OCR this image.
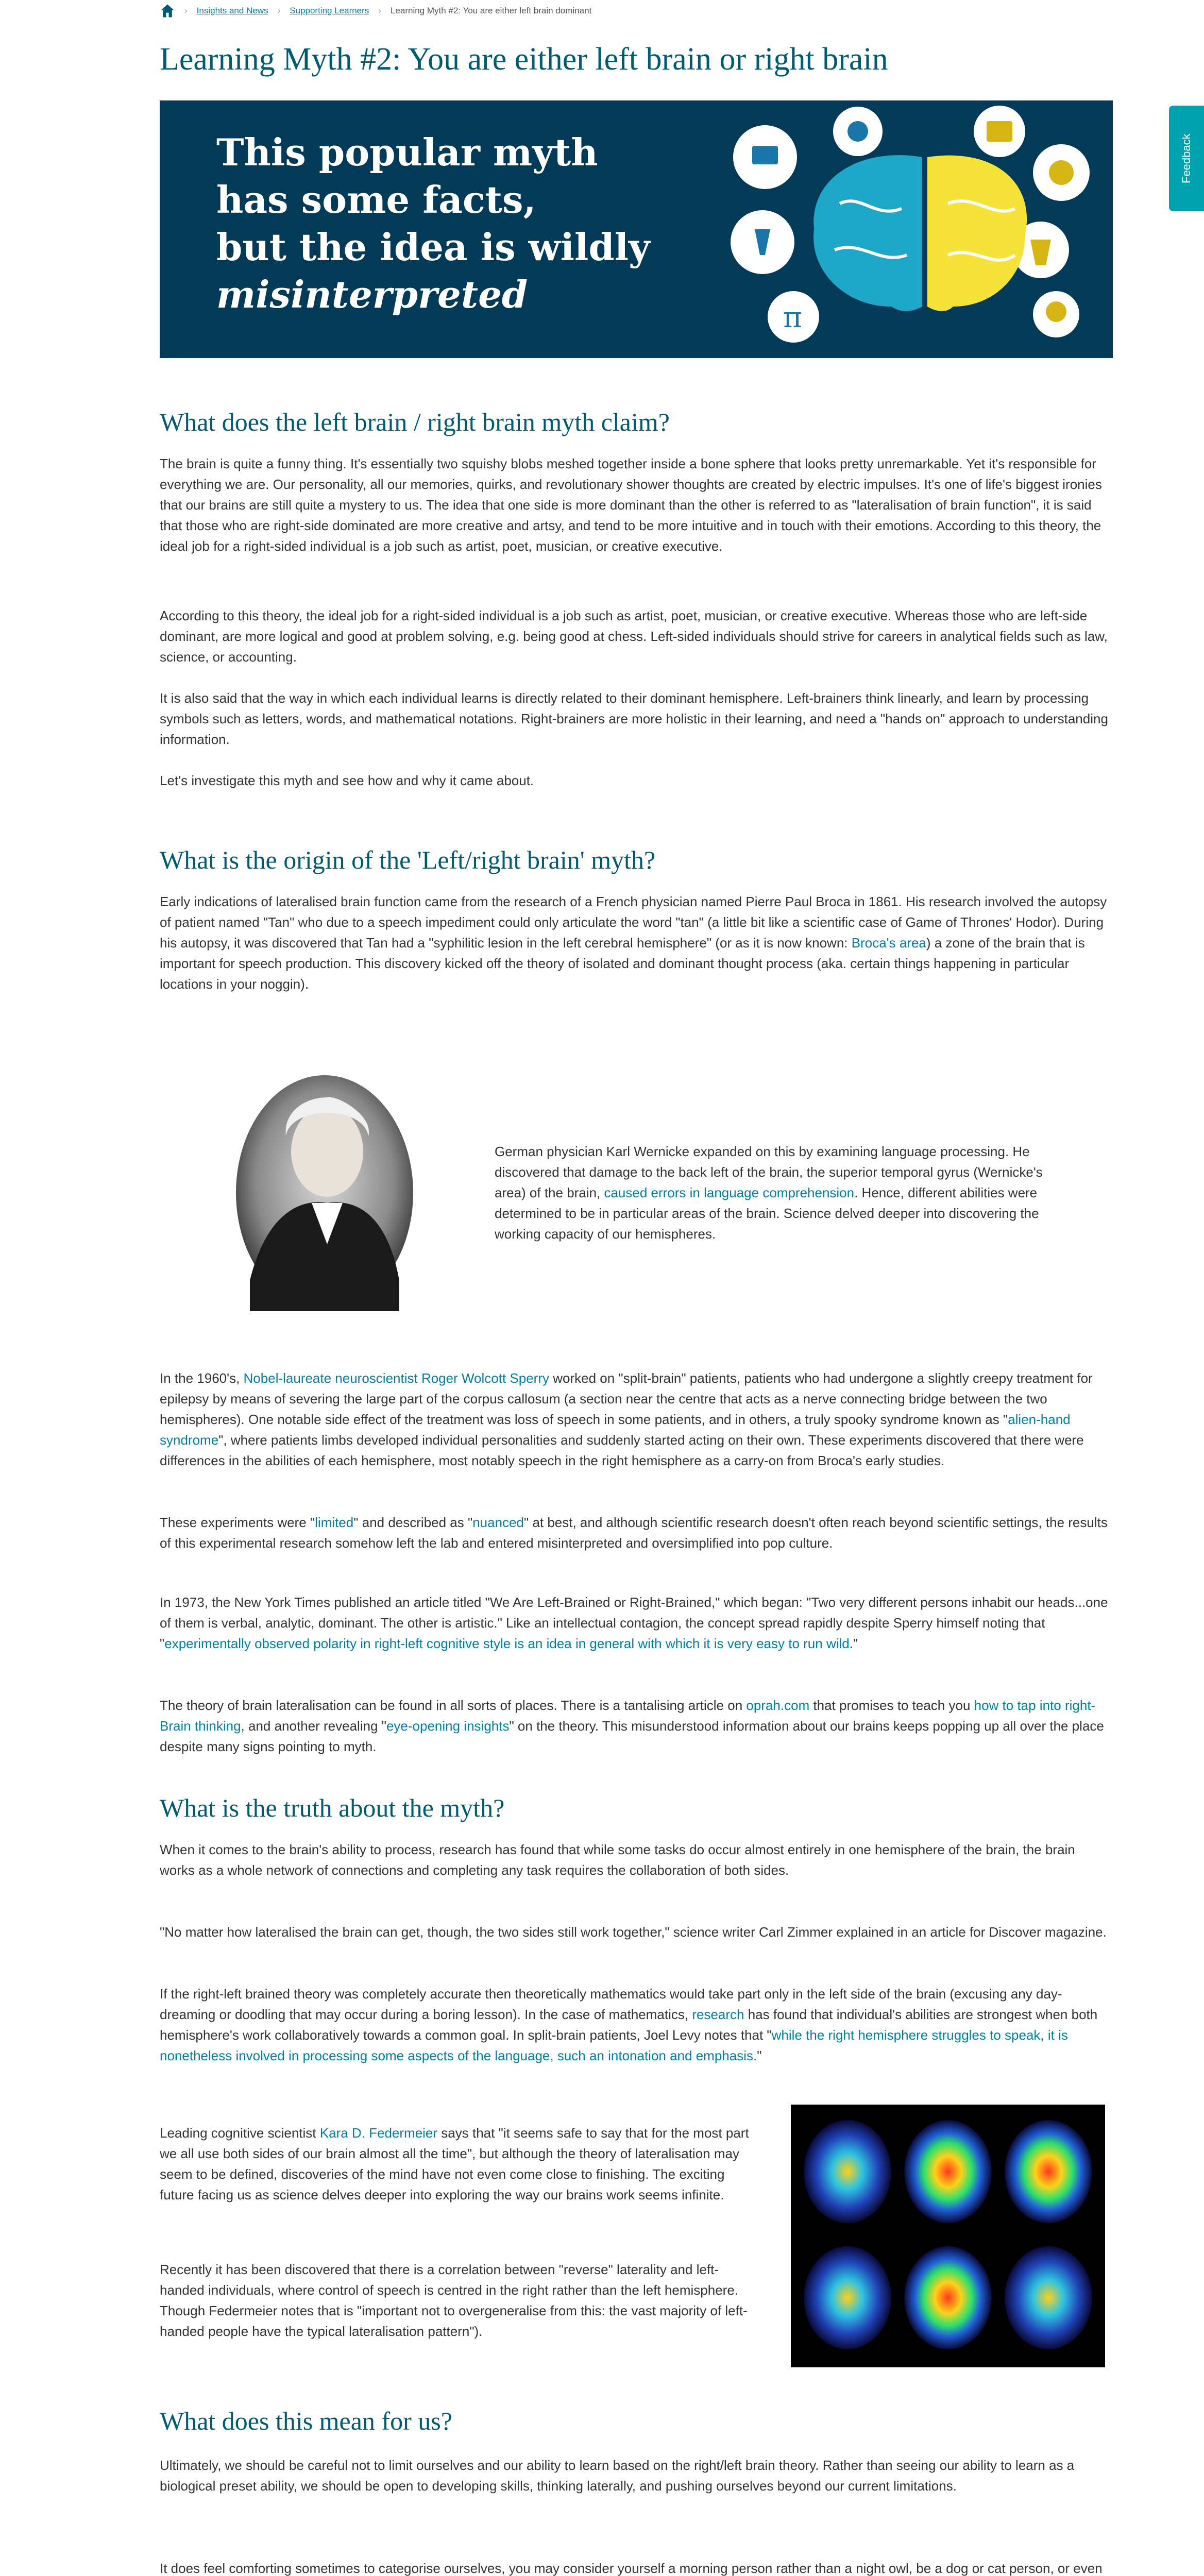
› Insights and News › Supporting Learners › Learning Myth #2: You are either left brain dominant
Learning Myth #2: You are either left brain or right brain
This popular myth
has some facts,
but the idea is wildly
misinterpreted
π
Feedback
What does the left brain / right brain myth claim?

The brain is quite a funny thing. It's essentially two squishy blobs meshed together inside a bone sphere that looks pretty unremarkable. Yet it's responsible for everything we are. Our personality, all our memories, quirks, and revolutionary shower thoughts are created by electric impulses. It's one of life's biggest ironies that our brains are still quite a mystery to us. The idea that one side is more dominant than the other is referred to as "lateralisation of brain function", it is said that those who are right-side dominated are more creative and artsy, and tend to be more intuitive and in touch with their emotions. According to this theory, the ideal job for a right-sided individual is a job such as artist, poet, musician, or creative executive.

According to this theory, the ideal job for a right-sided individual is a job such as artist, poet, musician, or creative executive. Whereas those who are left-side dominant, are more logical and good at problem solving, e.g. being good at chess. Left-sided individuals should strive for careers in analytical fields such as law, science, or accounting.

It is also said that the way in which each individual learns is directly related to their dominant hemisphere. Left-brainers think linearly, and learn by processing symbols such as letters, words, and mathematical notations. Right-brainers are more holistic in their learning, and need a "hands on" approach to understanding information.

Let's investigate this myth and see how and why it came about.

What is the origin of the 'Left/right brain' myth?

Early indications of lateralised brain function came from the research of a French physician named Pierre Paul Broca in 1861. His research involved the autopsy of patient named "Tan" who due to a speech impediment could only articulate the word "tan" (a little bit like a scientific case of Game of Thrones' Hodor). During his autopsy, it was discovered that Tan had a "syphilitic lesion in the left cerebral hemisphere" (or as it is now known: Broca's area) a zone of the brain that is important for speech production. This discovery kicked off the theory of isolated and dominant thought process (aka. certain things happening in particular locations in your noggin).

German physician Karl Wernicke expanded on this by examining language processing. He discovered that damage to the back left of the brain, the superior temporal gyrus (Wernicke's area) of the brain, caused errors in language comprehension. Hence, different abilities were determined to be in particular areas of the brain. Science delved deeper into discovering the working capacity of our hemispheres.

In the 1960's, Nobel-laureate neuroscientist Roger Wolcott Sperry worked on "split-brain" patients, patients who had undergone a slightly creepy treatment for epilepsy by means of severing the large part of the corpus callosum (a section near the centre that acts as a nerve connecting bridge between the two hemispheres). One notable side effect of the treatment was loss of speech in some patients, and in others, a truly spooky syndrome known as "alien-hand syndrome", where patients limbs developed individual personalities and suddenly started acting on their own. These experiments discovered that there were differences in the abilities of each hemisphere, most notably speech in the right hemisphere as a carry-on from Broca's early studies.

These experiments were "limited" and described as "nuanced" at best, and although scientific research doesn't often reach beyond scientific settings, the results of this experimental research somehow left the lab and entered misinterpreted and oversimplified into pop culture.

In 1973, the New York Times published an article titled "We Are Left-Brained or Right-Brained," which began: "Two very different persons inhabit our heads...one of them is verbal, analytic, dominant. The other is artistic." Like an intellectual contagion, the concept spread rapidly despite Sperry himself noting that "experimentally observed polarity in right-left cognitive style is an idea in general with which it is very easy to run wild."

The theory of brain lateralisation can be found in all sorts of places. There is a tantalising article on oprah.com that promises to teach you how to tap into right-Brain thinking, and another revealing "eye-opening insights" on the theory. This misunderstood information about our brains keeps popping up all over the place despite many signs pointing to myth.

What is the truth about the myth?

When it comes to the brain's ability to process, research has found that while some tasks do occur almost entirely in one hemisphere of the brain, the brain works as a whole network of connections and completing any task requires the collaboration of both sides.

"No matter how lateralised the brain can get, though, the two sides still work together," science writer Carl Zimmer explained in an article for Discover magazine.

If the right-left brained theory was completely accurate then theoretically mathematics would take part only in the left side of the brain (excusing any day-dreaming or doodling that may occur during a boring lesson). In the case of mathematics, research has found that individual's abilities are strongest when both hemisphere's work collaboratively towards a common goal. In split-brain patients, Joel Levy notes that "while the right hemisphere struggles to speak, it is nonetheless involved in processing some aspects of the language, such an intonation and emphasis."

Leading cognitive scientist Kara D. Federmeier says that "it seems safe to say that for the most part we all use both sides of our brain almost all the time", but although the theory of lateralisation may seem to be defined, discoveries of the mind have not even come close to finishing. The exciting future facing us as science delves deeper into exploring the way our brains work seems infinite.

Recently it has been discovered that there is a correlation between "reverse" laterality and left-handed individuals, where control of speech is centred in the right rather than the left hemisphere. Though Federmeier notes that is "important not to overgeneralise from this: the vast majority of left-handed people have the typical lateralisation pattern").

What does this mean for us?

Ultimately, we should be careful not to limit ourselves and our ability to learn based on the right/left brain theory. Rather than seeing our ability to learn as a biological preset ability, we should be open to developing skills, thinking laterally, and pushing ourselves beyond our current limitations.

It does feel comforting sometimes to categorise ourselves, you may consider yourself a morning person rather than a night owl, be a dog or cat person, or even
